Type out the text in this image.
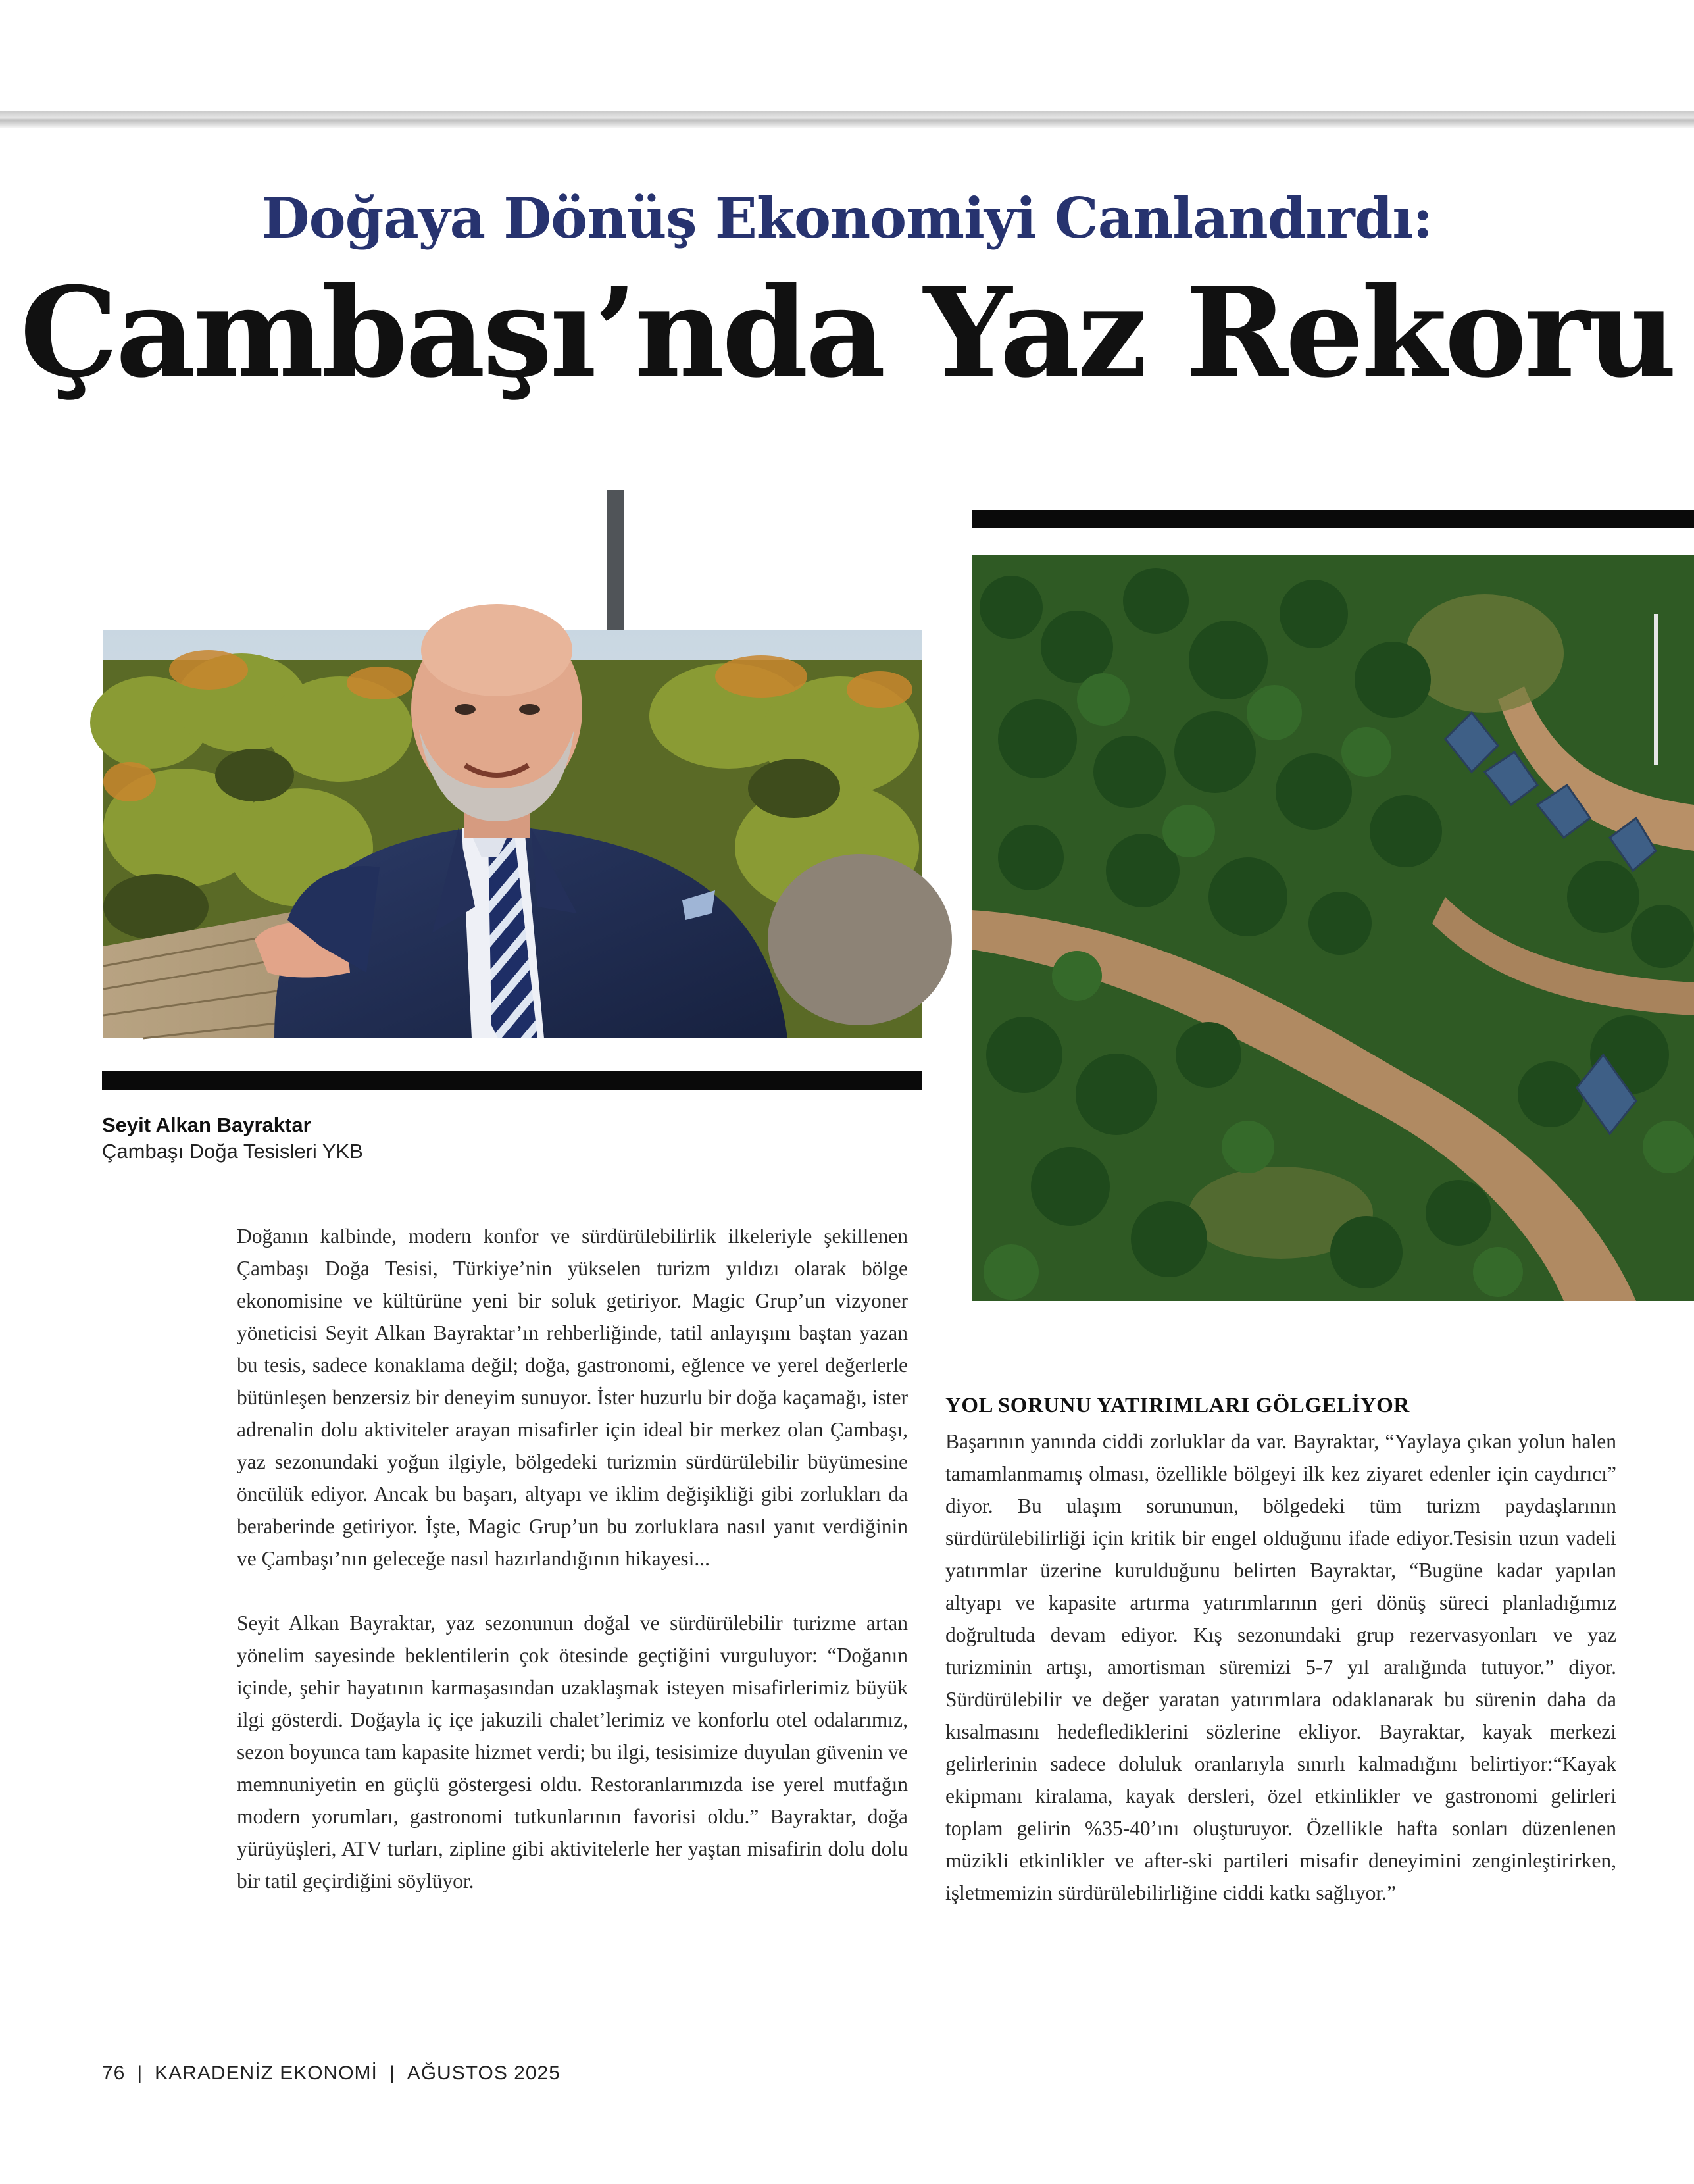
Doğaya Dönüş Ekonomiyi Canlandırdı:
Çambaşı’nda Yaz Rekoru
Seyit Alkan Bayraktar
Çambaşı Doğa Tesisleri YKB

Doğanın kalbinde, modern konfor ve sürdürülebilirlik ilkeleriyle şekillenen Çambaşı Doğa Tesisi, Türkiye’nin yükselen turizm yıldızı olarak bölge ekonomisine ve kültürüne yeni bir soluk getiriyor. Magic Grup’un vizyoner yöneticisi Seyit Alkan Bayraktar’ın rehberliğinde, tatil anlayışını baştan yazan bu tesis, sadece konaklama değil; doğa, gastronomi, eğlence ve yerel değerlerle bütünleşen benzersiz bir deneyim sunuyor. İster huzurlu bir doğa kaçamağı, ister adrenalin dolu aktiviteler arayan misafirler için ideal bir merkez olan Çambaşı, yaz sezonundaki yoğun ilgiyle, bölgedeki turizmin sürdürülebilir büyümesine öncülük ediyor. Ancak bu başarı, altyapı ve iklim değişikliği gibi zorlukları da beraberinde getiriyor. İşte, Magic Grup’un bu zorluklara nasıl yanıt verdiğinin ve Çambaşı’nın geleceğe nasıl hazırlandığının hikayesi...

Seyit Alkan Bayraktar, yaz sezonunun doğal ve sürdürülebilir turizme artan yönelim sayesinde beklentilerin çok ötesinde geçtiğini vurguluyor: “Doğanın içinde, şehir hayatının karmaşasından uzaklaşmak isteyen misafirlerimiz büyük ilgi gösterdi. Doğayla iç içe jakuzili chalet’lerimiz ve konforlu otel odalarımız, sezon boyunca tam kapasite hizmet verdi; bu ilgi, tesisimize duyulan güvenin ve memnuniyetin en güçlü göstergesi oldu. Restoranlarımızda ise yerel mutfağın modern yorumları, gastronomi tutkunlarının favorisi oldu.” Bayraktar, doğa yürüyüşleri, ATV turları, zipline gibi aktivitelerle her yaştan misafirin dolu dolu bir tatil geçirdiğini söylüyor.

YOL SORUNU YATIRIMLARI GÖLGELİYOR

Başarının yanında ciddi zorluklar da var. Bayraktar, “Yaylaya çıkan yolun halen tamamlanmamış olması, özellikle bölgeyi ilk kez ziyaret edenler için caydırıcı” diyor. Bu ulaşım sorununun, bölgedeki tüm turizm paydaşlarının sürdürülebilirliği için kritik bir engel olduğunu ifade ediyor.Tesisin uzun vadeli yatırımlar üzerine kurulduğunu belirten Bayraktar, “Bugüne kadar yapılan altyapı ve kapasite artırma yatırımlarının geri dönüş süreci planladığımız doğrultuda devam ediyor. Kış sezonundaki grup rezervasyonları ve yaz turizminin artışı, amortisman süremizi 5-7 yıl aralığında tutuyor.” diyor. Sürdürülebilir ve değer yaratan yatırımlara odaklanarak bu sürenin daha da kısalmasını hedeflediklerini sözlerine ekliyor. Bayraktar, kayak merkezi gelirlerinin sadece doluluk oranlarıyla sınırlı kalmadığını belirtiyor:“Kayak ekipmanı kiralama, kayak dersleri, özel etkinlikler ve gastronomi gelirleri toplam gelirin %35-40’ını oluşturuyor. Özellikle hafta sonları düzenlenen müzikli etkinlikler ve after-ski partileri misafir deneyimini zenginleştirirken, işletmemizin sürdürülebilirliğine ciddi katkı sağlıyor.”

76 | KARADENİZ EKONOMİ | AĞUSTOS 2025
